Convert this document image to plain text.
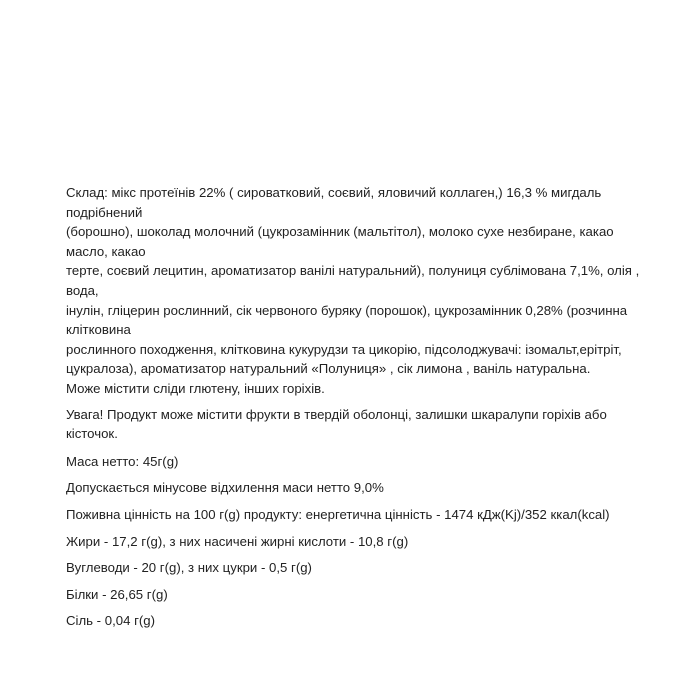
Склад: мікс протеїнів 22% ( сироватковий, соєвий, яловичий коллаген,) 16,3 % мигдаль подрібнений
(борошно), шоколад молочний (цукрозамінник (мальтітол), молоко сухе незбиране, какао масло, какао
терте, соєвий лецитин, ароматизатор ванілі натуральний), полуниця сублімована 7,1%, олія , вода,
інулін, гліцерин рослинний, сік червоного буряку (порошок), цукрозамінник 0,28% (розчинна клітковина
рослинного походження, клітковина кукурудзи та цикорію, підсолоджувачі: ізомальт,ерітріт,
цукралоза), ароматизатор натуральний «Полуниця» , сік лимона , ваніль натуральна.
Може містити сліди глютену, інших горіхів.

Увага! Продукт може містити фрукти в твердій оболонці, залишки шкаралупи горіхів або кісточок.

Маса нетто: 45г(g)

Допускається мінусове відхилення маси нетто 9,0%

Поживна цінність на 100 г(g) продукту: енергетична цінність - 1474 кДж(Kj)/352 ккал(kcal)

Жири - 17,2 г(g), з них насичені жирні кислоти - 10,8 г(g)

Вуглеводи - 20 г(g), з них цукри - 0,5 г(g)

Білки - 26,65 г(g)

Сіль - 0,04 г(g)
